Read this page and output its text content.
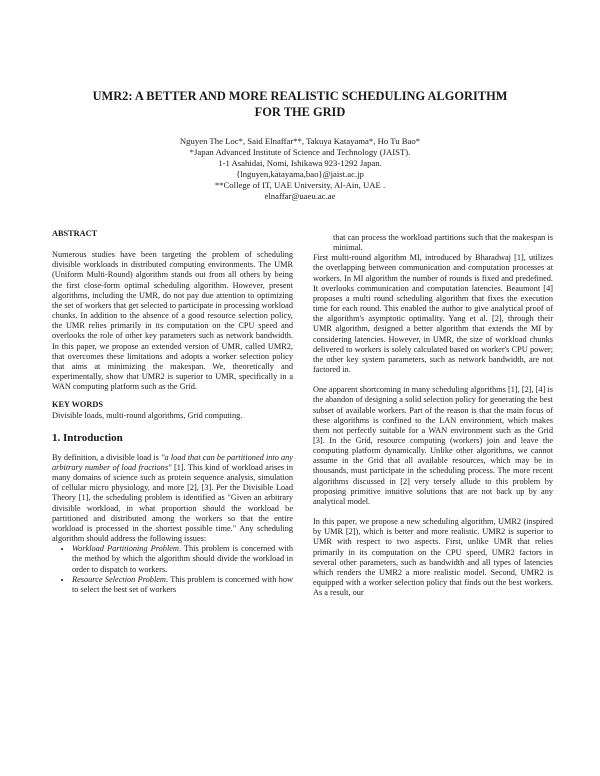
UMR2: A BETTER AND MORE REALISTIC SCHEDULING ALGORITHM
FOR THE GRID
Nguyen The Loc*, Said Elnaffar**, Takuya Katayama*, Ho Tu Bao*
*Japan Advanced Institute of Science and Technology (JAIST).
1-1 Asahidai, Nomi, Ishikawa 923-1292 Japan.
{lnguyen,katayama,bao}@jaist.ac.jp
**College of IT, UAE University, Al-Ain, UAE .
elnaffar@uaeu.ac.ae
ABSTRACT

Numerous studies have been targeting the problem of scheduling divisible workloads in distributed computing environments. The UMR (Uniform Multi-Round) algorithm stands out from all others by being the first close-form optimal scheduling algorithm. However, present algorithms, including the UMR, do not pay due attention to optimizing the set of workers that get selected to participate in processing workload chunks. In addition to the absence of a good resource selection policy, the UMR relies primarily in its computation on the CPU speed and overlooks the role of other key parameters such as network bandwidth. In this paper, we propose an extended version of UMR, called UMR2, that overcomes these limitations and adopts a worker selection policy that aims at minimizing the makespan. We, theoretically and experimentally, show that UMR2 is superior to UMR, specifically in a WAN computing platform such as the Grid.

KEY WORDS

Divisible loads, multi-round algorithms, Grid computing.

1. Introduction

By definition, a divisible load is "a load that can be partitioned into any arbitrary number of load fractions" [1]. This kind of workload arises in many domains of science such as protein sequence analysis, simulation of cellular micro physiology, and more [2], [3]. Per the Divisible Load Theory [1], the scheduling problem is identified as "Given an arbitrary divisible workload, in what proportion should the workload be partitioned and distributed among the workers so that the entire workload is processed in the shortest possible time." Any scheduling algorithm should address the following issues:

• Workload Partitioning Problem. This problem is concerned with the method by which the algorithm should divide the workload in order to dispatch to workers.
• Resource Selection Problem. This problem is concerned with how to select the best set of workers

that can process the workload partitions such that the makespan is minimal.

First multi-round algorithm MI, introduced by Bharadwaj [1], utilizes the overlapping between communication and computation processes at workers. In MI algorithm the number of rounds is fixed and predefined. It overlooks communication and computation latencies. Beaumont [4] proposes a multi round scheduling algorithm that fixes the execution time for each round. This enabled the author to give analytical proof of the algorithm's asymptotic optimality. Yang et al. [2], through their UMR algorithm, designed a better algorithm that extends the MI by considering latencies. However, in UMR, the size of workload chunks delivered to workers is solely calculated based on worker's CPU power; the other key system parameters, such as network bandwidth, are not factored in.

One apparent shortcoming in many scheduling algorithms [1], [2], [4] is the abandon of designing a solid selection policy for generating the best subset of available workers. Part of the reason is that the main focus of these algorithms is confined to the LAN environment, which makes them not perfectly suitable for a WAN environment such as the Grid [3]. In the Grid, resource computing (workers) join and leave the computing platform dynamically. Unlike other algorithms, we cannot assume in the Grid that all available resources, which may be in thousands, must participate in the scheduling process. The more recent algorithms discussed in [2] very tersely allude to this problem by proposing primitive intuitive solutions that are not back up by any analytical model.

In this paper, we propose a new scheduling algorithm, UMR2 (inspired by UMR [2]), which is better and more realistic. UMR2 is superior to UMR with respect to two aspects. First, unlike UMR that relies primarily in its computation on the CPU speed, UMR2 factors in several other parameters, such as bandwidth and all types of latencies which renders the UMR2 a more realistic model. Second, UMR2 is equipped with a worker selection policy that finds out the best workers. As a result, our
